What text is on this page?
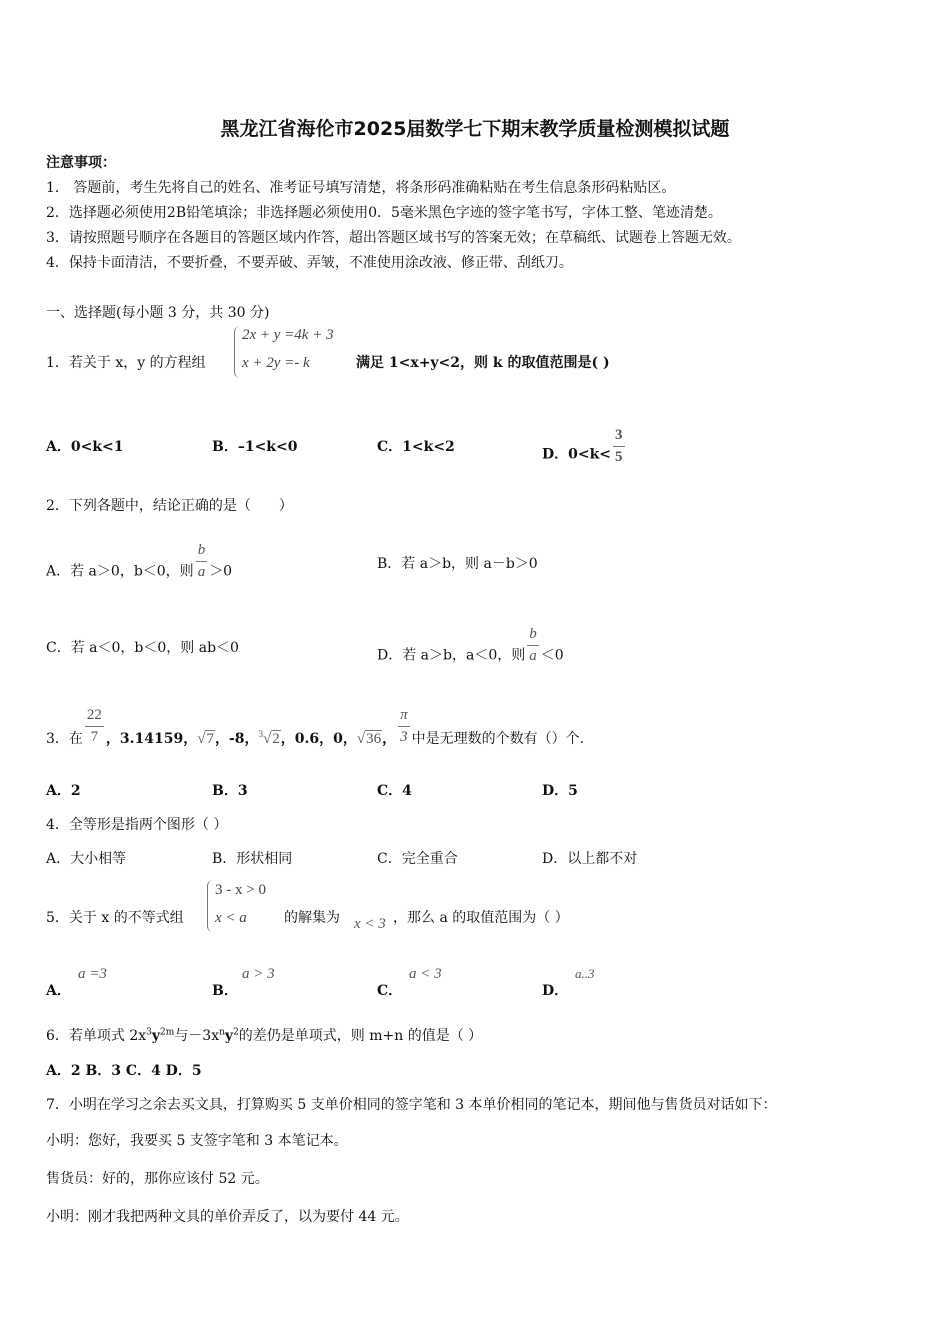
黑龙江省海伦市2025届数学七下期末教学质量检测模拟试题
注意事项：
1． 答题前，考生先将自己的姓名、准考证号填写清楚，将条形码准确粘贴在考生信息条形码粘贴区。
2．选择题必须使用2B铅笔填涂；非选择题必须使用0．5毫米黑色字迹的签字笔书写，字体工整、笔迹清楚。
3．请按照题号顺序在各题目的答题区域内作答，超出答题区域书写的答案无效；在草稿纸、试题卷上答题无效。
4．保持卡面清洁，不要折叠，不要弄破、弄皱，不准使用涂改液、修正带、刮纸刀。
一、选择题(每小题 3 分，共 30 分)
1．若关于 x，y 的方程组
2x + y =4k + 3
x + 2y =- k	满足 1<x+y<2，则 k 的取值范围是( )
A．0<k<1	B．–1<k<0	C．1<k<2	D．$0<k< \frac{3}{5}$
2．下列各题中，结论正确的是（　　）
A．若 a＞0，b＜0，则 $\frac{b}{a} >0$	B．若 a＞b，则 a－b＞0
C．若 a＜0，b＜0，则 ab＜0	D．若 a＞b，a＜0，则 $\frac{b}{a} <0$
3．在 $\frac{22}{7}$ ，3.14159，√7，-8，$^3$√2，0.6，0，√36， $\frac{\pi}{3}$ 中是无理数的个数有（）个.
A．2	B．3	C．4	D．5
4．全等形是指两个图形（ ）
A．大小相等	B．形状相同	C．完全重合	D．以上都不对
5．关于 x 的不等式组
3 - x > 0
x < a	的解集为 x < 3 ，那么 a 的取值范围为（ ）
A．
a =3
B．
a > 3
C．
a < 3
D．
a..3
6．若单项式 $2x^3y^{2m}$与$-3x^ny^2$的差仍是单项式，则 m+n 的值是（ ）
A．2 B．3 C．4 D．5
7．小明在学习之余去买文具，打算购买 5 支单价相同的签字笔和 3 本单价相同的笔记本，期间他与售货员对话如下：
小明：您好，我要买 5 支签字笔和 3 本笔记本。
售货员：好的，那你应该付 52 元。
小明：刚才我把两种文具的单价弄反了，以为要付 44 元。
